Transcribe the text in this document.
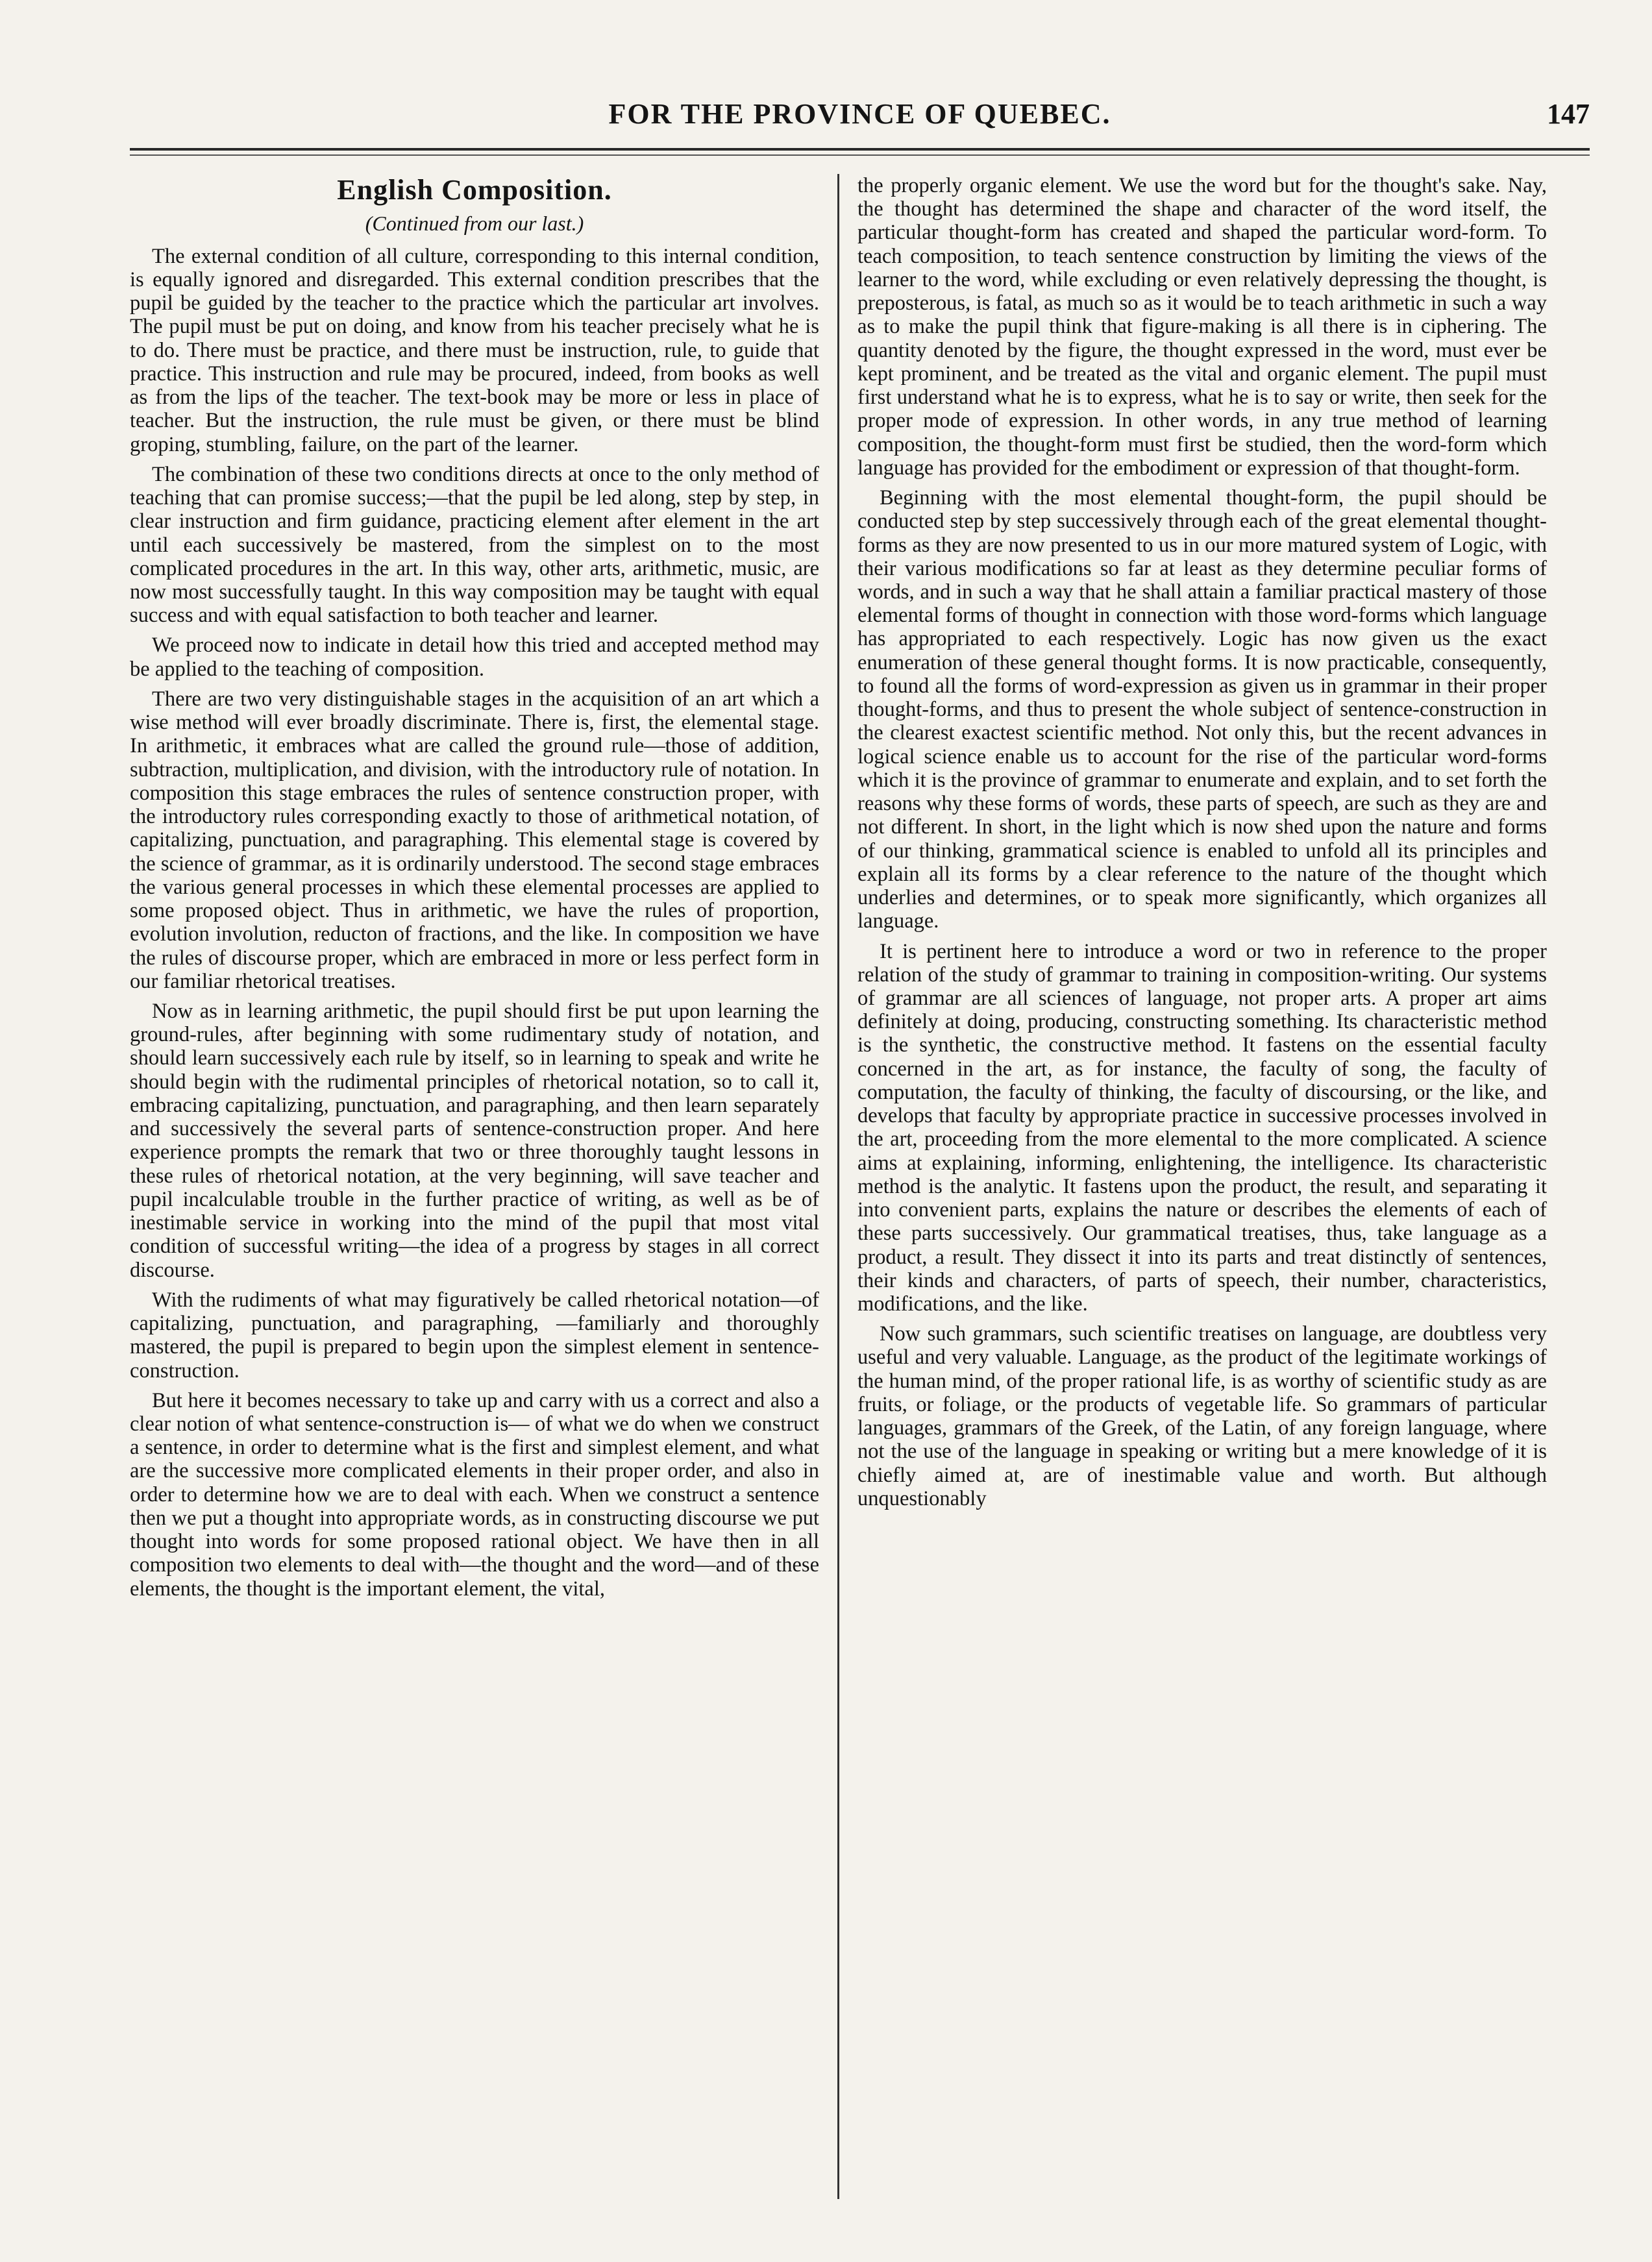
FOR THE PROVINCE OF QUEBEC.	147
English Composition.
(Continued from our last.)

The external condition of all culture, corresponding to this internal condition, is equally ignored and disregarded. This external condition prescribes that the pupil be guided by the teacher to the practice which the particular art involves. The pupil must be put on doing, and know from his teacher precisely what he is to do. There must be practice, and there must be instruction, rule, to guide that practice. This instruction and rule may be procured, indeed, from books as well as from the lips of the teacher. The text-book may be more or less in place of teacher. But the instruction, the rule must be given, or there must be blind groping, stumbling, failure, on the part of the learner.

The combination of these two conditions directs at once to the only method of teaching that can promise success;—that the pupil be led along, step by step, in clear instruction and firm guidance, practicing element after element in the art until each successively be mastered, from the simplest on to the most complicated procedures in the art. In this way, other arts, arithmetic, music, are now most successfully taught. In this way composition may be taught with equal success and with equal satisfaction to both teacher and learner.

We proceed now to indicate in detail how this tried and accepted method may be applied to the teaching of composition.

There are two very distinguishable stages in the acquisition of an art which a wise method will ever broadly discriminate. There is, first, the elemental stage. In arithmetic, it embraces what are called the ground rule—those of addition, subtraction, multiplication, and division, with the introductory rule of notation. In composition this stage embraces the rules of sentence construction proper, with the introductory rules corresponding exactly to those of arithmetical notation, of capitalizing, punctuation, and paragraphing. This elemental stage is covered by the science of grammar, as it is ordinarily understood. The second stage embraces the various general processes in which these elemental processes are applied to some proposed object. Thus in arithmetic, we have the rules of proportion, evolution involution, reducton of fractions, and the like. In composition we have the rules of discourse proper, which are embraced in more or less perfect form in our familiar rhetorical treatises.

Now as in learning arithmetic, the pupil should first be put upon learning the ground-rules, after beginning with some rudimentary study of notation, and should learn successively each rule by itself, so in learning to speak and write he should begin with the rudimental principles of rhetorical notation, so to call it, embracing capitalizing, punctuation, and paragraphing, and then learn separately and successively the several parts of sentence-construction proper. And here experience prompts the remark that two or three thoroughly taught lessons in these rules of rhetorical notation, at the very beginning, will save teacher and pupil incalculable trouble in the further practice of writing, as well as be of inestimable service in working into the mind of the pupil that most vital condition of successful writing—the idea of a progress by stages in all correct discourse.

With the rudiments of what may figuratively be called rhetorical notation—of capitalizing, punctuation, and paragraphing, —familiarly and thoroughly mastered, the pupil is prepared to begin upon the simplest element in sentence-construction.

But here it becomes necessary to take up and carry with us a correct and also a clear notion of what sentence-construction is— of what we do when we construct a sentence, in order to determine what is the first and simplest element, and what are the successive more complicated elements in their proper order, and also in order to determine how we are to deal with each. When we construct a sentence then we put a thought into appropriate words, as in constructing discourse we put thought into words for some proposed rational object. We have then in all composition two elements to deal with—the thought and the word—and of these elements, the thought is the important element, the vital,

the properly organic element. We use the word but for the thought's sake. Nay, the thought has determined the shape and character of the word itself, the particular thought-form has created and shaped the particular word-form. To teach composition, to teach sentence construction by limiting the views of the learner to the word, while excluding or even relatively depressing the thought, is preposterous, is fatal, as much so as it would be to teach arithmetic in such a way as to make the pupil think that figure-making is all there is in ciphering. The quantity denoted by the figure, the thought expressed in the word, must ever be kept prominent, and be treated as the vital and organic element. The pupil must first understand what he is to express, what he is to say or write, then seek for the proper mode of expression. In other words, in any true method of learning composition, the thought-form must first be studied, then the word-form which language has provided for the embodiment or expression of that thought-form.

Beginning with the most elemental thought-form, the pupil should be conducted step by step successively through each of the great elemental thought-forms as they are now presented to us in our more matured system of Logic, with their various modifications so far at least as they determine peculiar forms of words, and in such a way that he shall attain a familiar practical mastery of those elemental forms of thought in connection with those word-forms which language has appropriated to each respectively. Logic has now given us the exact enumeration of these general thought forms. It is now practicable, consequently, to found all the forms of word-expression as given us in grammar in their proper thought-forms, and thus to present the whole subject of sentence-construction in the clearest exactest scientific method. Not only this, but the recent advances in logical science enable us to account for the rise of the particular word-forms which it is the province of grammar to enumerate and explain, and to set forth the reasons why these forms of words, these parts of speech, are such as they are and not different. In short, in the light which is now shed upon the nature and forms of our thinking, grammatical science is enabled to unfold all its principles and explain all its forms by a clear reference to the nature of the thought which underlies and determines, or to speak more significantly, which organizes all language.

It is pertinent here to introduce a word or two in reference to the proper relation of the study of grammar to training in composition-writing. Our systems of grammar are all sciences of language, not proper arts. A proper art aims definitely at doing, producing, constructing something. Its characteristic method is the synthetic, the constructive method. It fastens on the essential faculty concerned in the art, as for instance, the faculty of song, the faculty of computation, the faculty of thinking, the faculty of discoursing, or the like, and develops that faculty by appropriate practice in successive processes involved in the art, proceeding from the more elemental to the more complicated. A science aims at explaining, informing, enlightening, the intelligence. Its characteristic method is the analytic. It fastens upon the product, the result, and separating it into convenient parts, explains the nature or describes the elements of each of these parts successively. Our grammatical treatises, thus, take language as a product, a result. They dissect it into its parts and treat distinctly of sentences, their kinds and characters, of parts of speech, their number, characteristics, modifications, and the like.

Now such grammars, such scientific treatises on language, are doubtless very useful and very valuable. Language, as the product of the legitimate workings of the human mind, of the proper rational life, is as worthy of scientific study as are fruits, or foliage, or the products of vegetable life. So grammars of particular languages, grammars of the Greek, of the Latin, of any foreign language, where not the use of the language in speaking or writing but a mere knowledge of it is chiefly aimed at, are of inestimable value and worth. But although unquestionably
